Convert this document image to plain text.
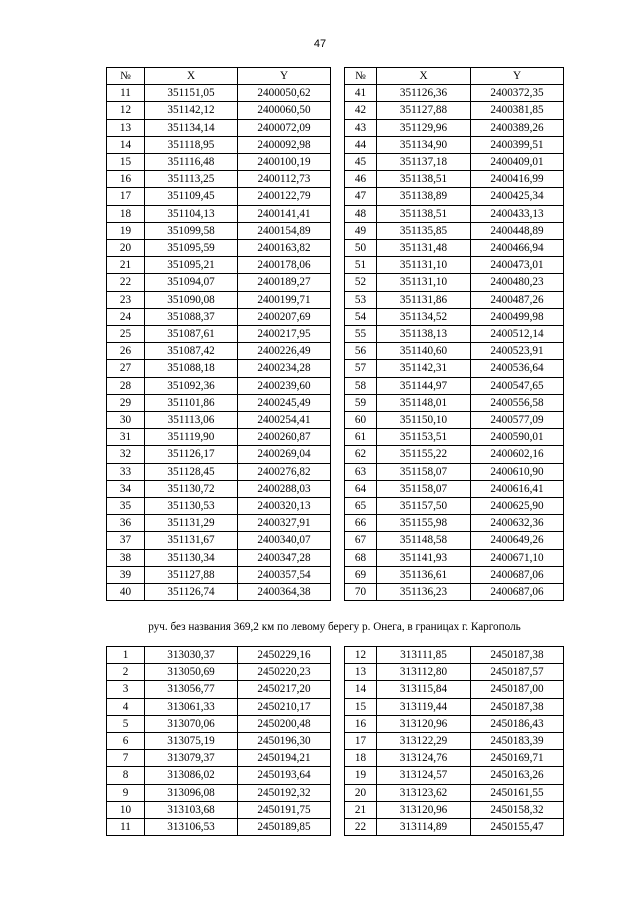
47
№	X	Y		№	X	Y
11	351151,05	2400050,62		41	351126,36	2400372,35
12	351142,12	2400060,50		42	351127,88	2400381,85
13	351134,14	2400072,09		43	351129,96	2400389,26
14	351118,95	2400092,98		44	351134,90	2400399,51
15	351116,48	2400100,19		45	351137,18	2400409,01
16	351113,25	2400112,73		46	351138,51	2400416,99
17	351109,45	2400122,79		47	351138,89	2400425,34
18	351104,13	2400141,41		48	351138,51	2400433,13
19	351099,58	2400154,89		49	351135,85	2400448,89
20	351095,59	2400163,82		50	351131,48	2400466,94
21	351095,21	2400178,06		51	351131,10	2400473,01
22	351094,07	2400189,27		52	351131,10	2400480,23
23	351090,08	2400199,71		53	351131,86	2400487,26
24	351088,37	2400207,69		54	351134,52	2400499,98
25	351087,61	2400217,95		55	351138,13	2400512,14
26	351087,42	2400226,49		56	351140,60	2400523,91
27	351088,18	2400234,28		57	351142,31	2400536,64
28	351092,36	2400239,60		58	351144,97	2400547,65
29	351101,86	2400245,49		59	351148,01	2400556,58
30	351113,06	2400254,41		60	351150,10	2400577,09
31	351119,90	2400260,87		61	351153,51	2400590,01
32	351126,17	2400269,04		62	351155,22	2400602,16
33	351128,45	2400276,82		63	351158,07	2400610,90
34	351130,72	2400288,03		64	351158,07	2400616,41
35	351130,53	2400320,13		65	351157,50	2400625,90
36	351131,29	2400327,91		66	351155,98	2400632,36
37	351131,67	2400340,07		67	351148,58	2400649,26
38	351130,34	2400347,28		68	351141,93	2400671,10
39	351127,88	2400357,54		69	351136,61	2400687,06
40	351126,74	2400364,38		70	351136,23	2400687,06
руч. без названия 369,2 км по левому берегу р. Онега, в границах г. Каргополь
1	313030,37	2450229,16		12	313111,85	2450187,38
2	313050,69	2450220,23		13	313112,80	2450187,57
3	313056,77	2450217,20		14	313115,84	2450187,00
4	313061,33	2450210,17		15	313119,44	2450187,38
5	313070,06	2450200,48		16	313120,96	2450186,43
6	313075,19	2450196,30		17	313122,29	2450183,39
7	313079,37	2450194,21		18	313124,76	2450169,71
8	313086,02	2450193,64		19	313124,57	2450163,26
9	313096,08	2450192,32		20	313123,62	2450161,55
10	313103,68	2450191,75		21	313120,96	2450158,32
11	313106,53	2450189,85		22	313114,89	2450155,47
